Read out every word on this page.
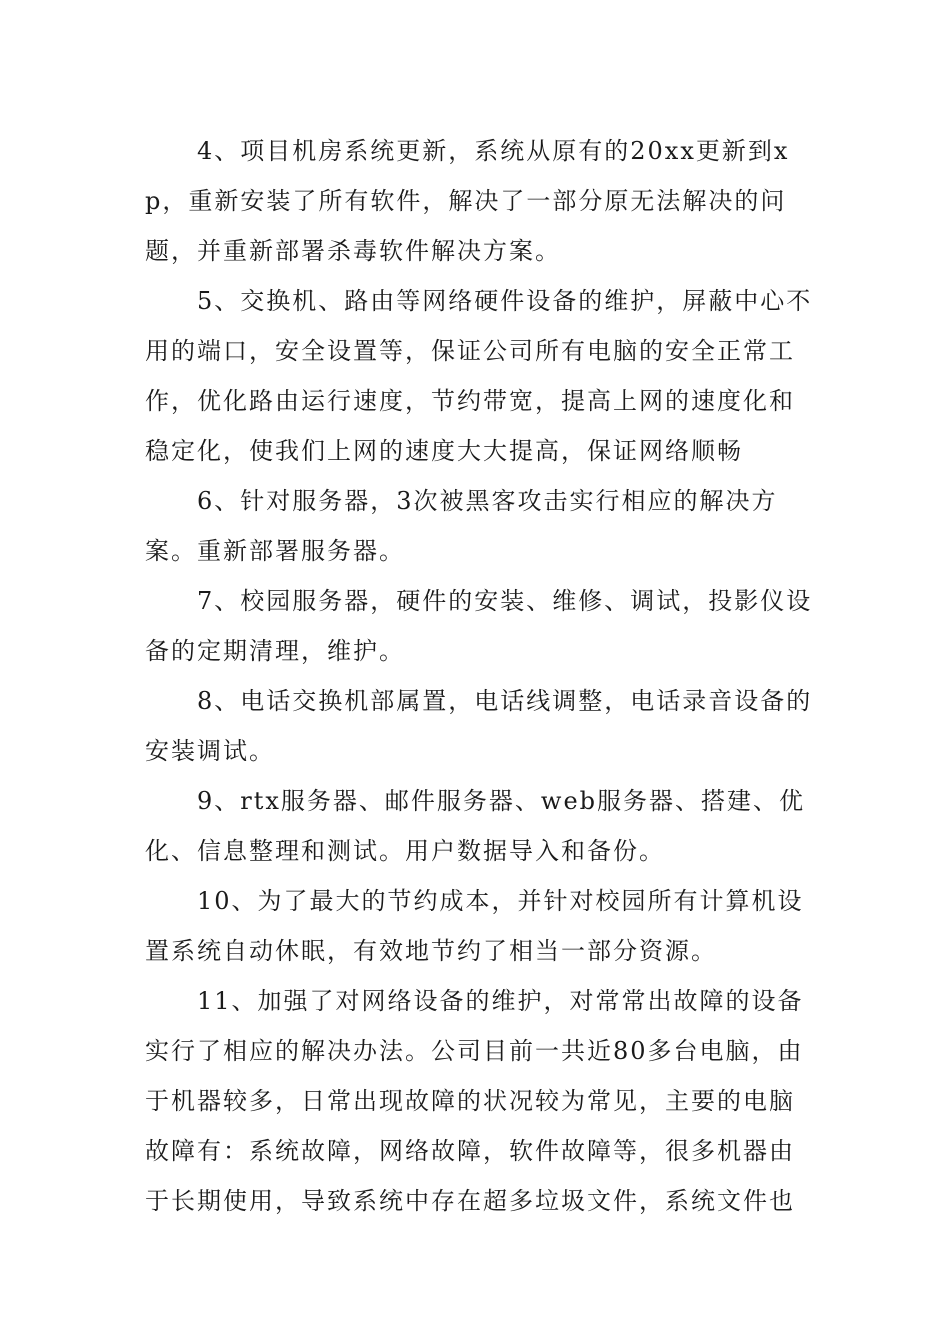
4、项目机房系统更新，系统从原有的20xx更新到xp，重新安装了所有软件，解决了一部分原无法解决的问题，并重新部署杀毒软件解决方案。

5、交换机、路由等网络硬件设备的维护，屏蔽中心不用的端口，安全设置等，保证公司所有电脑的安全正常工作，优化路由运行速度，节约带宽，提高上网的速度化和稳定化，使我们上网的速度大大提高，保证网络顺畅

6、针对服务器，3次被黑客攻击实行相应的解决方案。重新部署服务器。

7、校园服务器，硬件的安装、维修、调试，投影仪设备的定期清理，维护。

8、电话交换机部属置，电话线调整，电话录音设备的安装调试。

9、rtx服务器、邮件服务器、web服务器、搭建、优化、信息整理和测试。用户数据导入和备份。

10、为了最大的节约成本，并针对校园所有计算机设置系统自动休眠，有效地节约了相当一部分资源。

11、加强了对网络设备的维护，对常常出故障的设备实行了相应的解决办法。公司目前一共近80多台电脑，由于机器较多，日常出现故障的状况较为常见，主要的电脑故障有：系统故障，网络故障，软件故障等，很多机器由于长期使用，导致系统中存在超多垃圾文件，系统文件也
